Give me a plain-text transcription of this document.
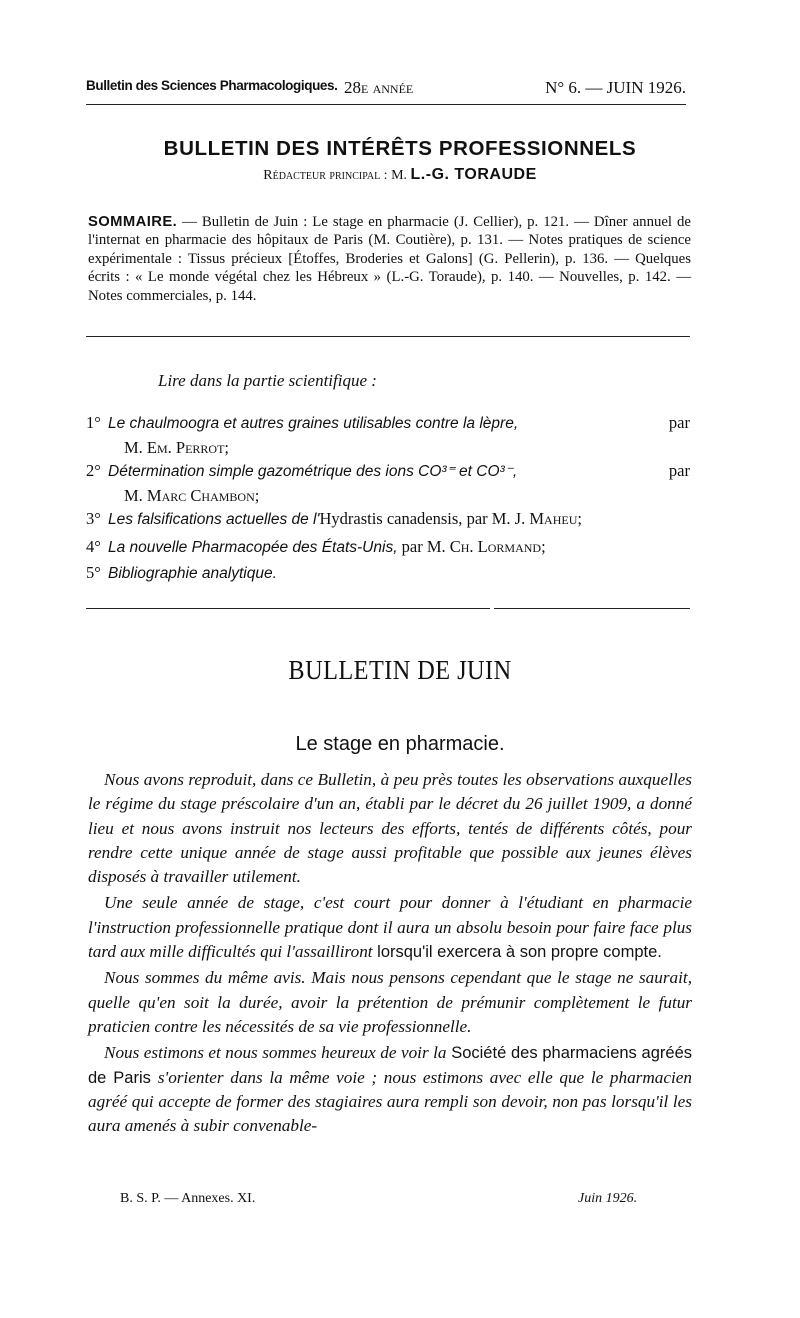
Bulletin des Sciences Pharmacologiques. 28e année	N° 6. — JUIN 1926.
BULLETIN DES INTÉRÊTS PROFESSIONNELS
Rédacteur principal : M. L.-G. TORAUDE
SOMMAIRE. — Bulletin de Juin : Le stage en pharmacie (J. Cellier), p. 121. — Dîner annuel de l'internat en pharmacie des hôpitaux de Paris (M. Coutière), p. 131. — Notes pratiques de science expérimentale : Tissus précieux [Étoffes, Broderies et Galons] (G. Pellerin), p. 136. — Quelques écrits : « Le monde végétal chez les Hébreux » (L.-G. Toraude), p. 140. — Nouvelles, p. 142. — Notes commerciales, p. 144.
Lire dans la partie scientifique :
1° Le chaulmoogra et autres graines utilisables contre la lèpre,	par
M. Em. Perrot;
2° Détermination simple gazométrique des ions CO³⁼ et CO³⁻,	par
M. Marc Chambon;
3° Les falsifications actuelles de l'Hydrastis canadensis, par M. J. Maheu;
4° La nouvelle Pharmacopée des États-Unis, par M. Ch. Lormand;
5° Bibliographie analytique.
BULLETIN DE JUIN
Le stage en pharmacie.

Nous avons reproduit, dans ce Bulletin, à peu près toutes les observations auxquelles le régime du stage préscolaire d'un an, établi par le décret du 26 juillet 1909, a donné lieu et nous avons instruit nos lecteurs des efforts, tentés de différents côtés, pour rendre cette unique année de stage aussi profitable que possible aux jeunes élèves disposés à travailler utilement.

Une seule année de stage, c'est court pour donner à l'étudiant en pharmacie l'instruction professionnelle pratique dont il aura un absolu besoin pour faire face plus tard aux mille difficultés qui l'assailliront lorsqu'il exercera à son propre compte.

Nous sommes du même avis. Mais nous pensons cependant que le stage ne saurait, quelle qu'en soit la durée, avoir la prétention de prémunir complètement le futur praticien contre les nécessités de sa vie professionnelle.

Nous estimons et nous sommes heureux de voir la Société des pharmaciens agréés de Paris s'orienter dans la même voie ; nous estimons avec elle que le pharmacien agréé qui accepte de former des stagiaires aura rempli son devoir, non pas lorsqu'il les aura amenés à subir convenable-

B. S. P. — Annexes. XI.	Juin 1926.
